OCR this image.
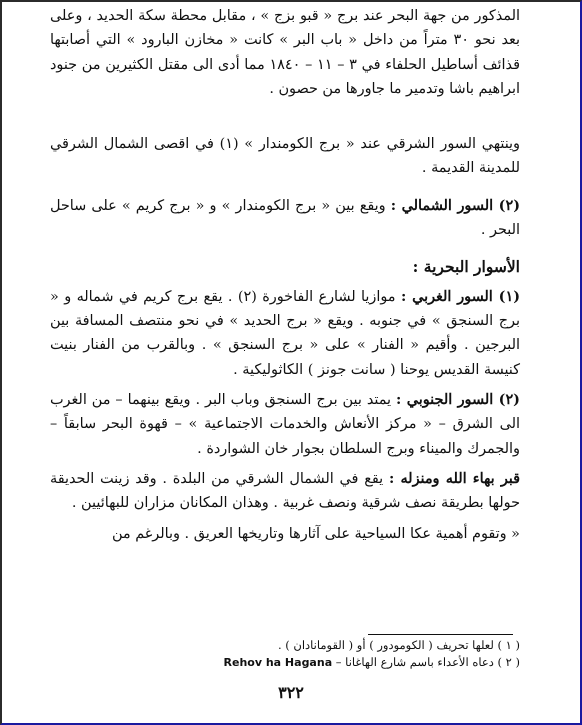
المذكور من جهة البحر عند برج « قبو بزج » ، مقابل محطة سكة الحديد ، وعلى بعد نحو ٣٠ متراً من داخل « باب البر » كانت « مخازن البارود » التي أصابتها قذائف أساطيل الحلفاء في ٣ – ١١ – ١٨٤٠ مما أدى الى مقتل الكثيرين من جنود ابراهيم باشا وتدمير ما جاورها من حصون .

وينتهي السور الشرقي عند « برج الكومندار » (١) في اقصى الشمال الشرقي للمدينة القديمة .

(٢) السور الشمالي : ويقع بين « برج الكومندار » و « برج كريم » على ساحل البحر .

الأسوار البحرية :

(١) السور الغربي : موازيا لشارع الفاخورة (٢) . يقع برج كريم في شماله و « برج السنجق » في جنوبه . ويقع « برج الحديد » في نحو منتصف المسافة بين البرجين . وأقيم « الفنار » على « برج السنجق » . وبالقرب من الفنار بنيت كنيسة القديس يوحنا ( سانت جونز ) الكاثوليكية .

(٢) السور الجنوبي : يمتد بين برج السنجق وباب البر . ويقع بينهما – من الغرب الى الشرق – « مركز الأنعاش والخدمات الاجتماعية » – قهوة البحر سابقاً – والجمرك والميناء وبرج السلطان بجوار خان الشواردة .

قبر بهاء الله ومنزله : يقع في الشمال الشرقي من البلدة . وقد زينت الحديقة حولها بطريقة نصف شرقية ونصف غربية . وهذان المكانان مزاران للبهائيين .

« وتقوم أهمية عكا السياحية على آثارها وتاريخها العريق . وبالرغم من

( ١ ) لعلها تحريف ( الكومودور ) أو ( القومانادان ) .

( ٢ ) دعاه الأعداء باسم شارع الهاغانا – Rehov ha Hagana

٣٢٢
